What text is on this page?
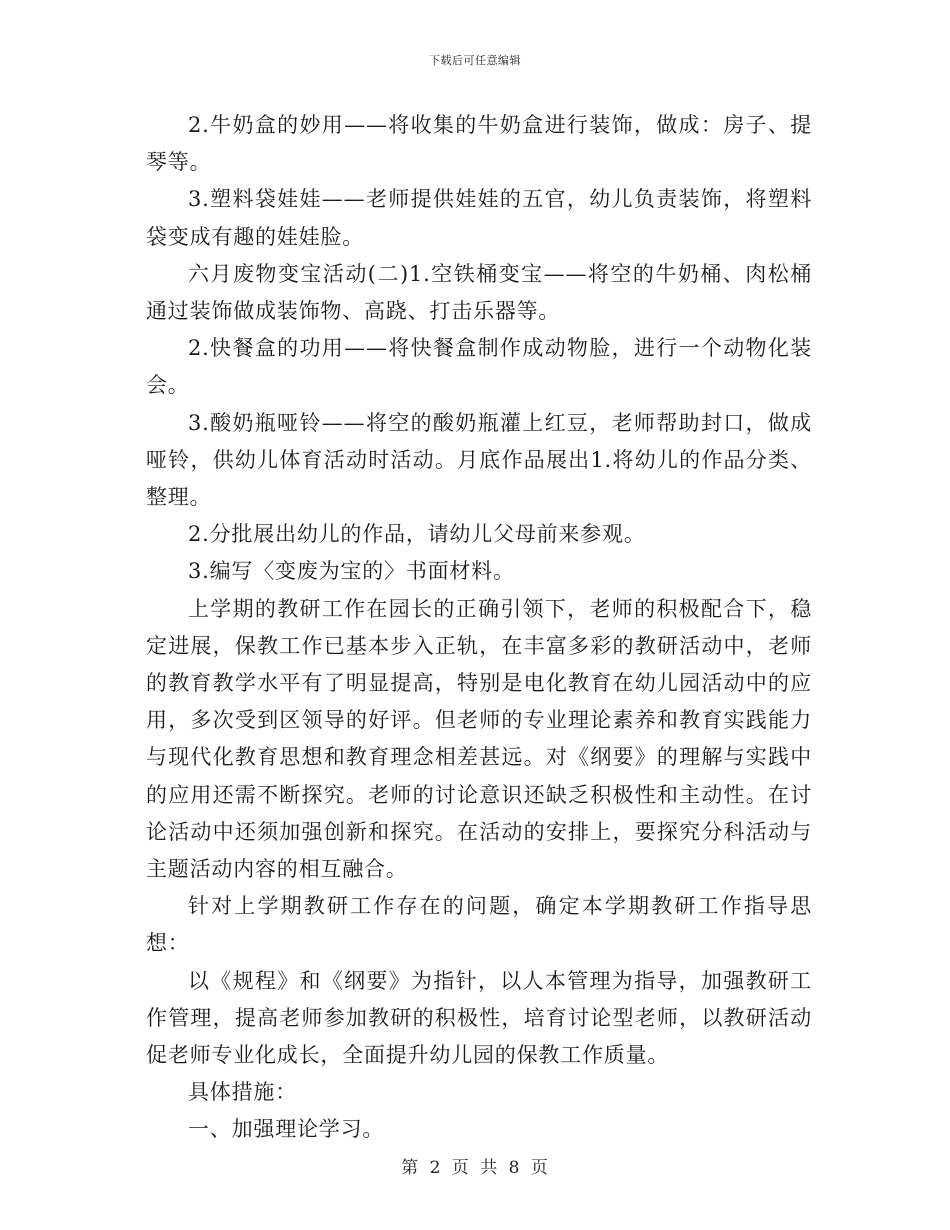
下载后可任意编辑

2.牛奶盒的妙用——将收集的牛奶盒进行装饰，做成：房子、提琴等。

3.塑料袋娃娃——老师提供娃娃的五官，幼儿负责装饰，将塑料袋变成有趣的娃娃脸。

六月废物变宝活动(二)1.空铁桶变宝——将空的牛奶桶、肉松桶通过装饰做成装饰物、高跷、打击乐器等。

2.快餐盒的功用——将快餐盒制作成动物脸，进行一个动物化装会。

3.酸奶瓶哑铃——将空的酸奶瓶灌上红豆，老师帮助封口，做成哑铃，供幼儿体育活动时活动。月底作品展出1.将幼儿的作品分类、整理。

2.分批展出幼儿的作品，请幼儿父母前来参观。

3.编写〈变废为宝的〉书面材料。

上学期的教研工作在园长的正确引领下，老师的积极配合下，稳定进展，保教工作已基本步入正轨，在丰富多彩的教研活动中，老师的教育教学水平有了明显提高，特别是电化教育在幼儿园活动中的应用，多次受到区领导的好评。但老师的专业理论素养和教育实践能力与现代化教育思想和教育理念相差甚远。对《纲要》的理解与实践中的应用还需不断探究。老师的讨论意识还缺乏积极性和主动性。在讨论活动中还须加强创新和探究。在活动的安排上，要探究分科活动与主题活动内容的相互融合。

针对上学期教研工作存在的问题，确定本学期教研工作指导思想：

以《规程》和《纲要》为指针，以人本管理为指导，加强教研工作管理，提高老师参加教研的积极性，培育讨论型老师，以教研活动促老师专业化成长，全面提升幼儿园的保教工作质量。

具体措施：

一、加强理论学习。

第 2 页 共 8 页
